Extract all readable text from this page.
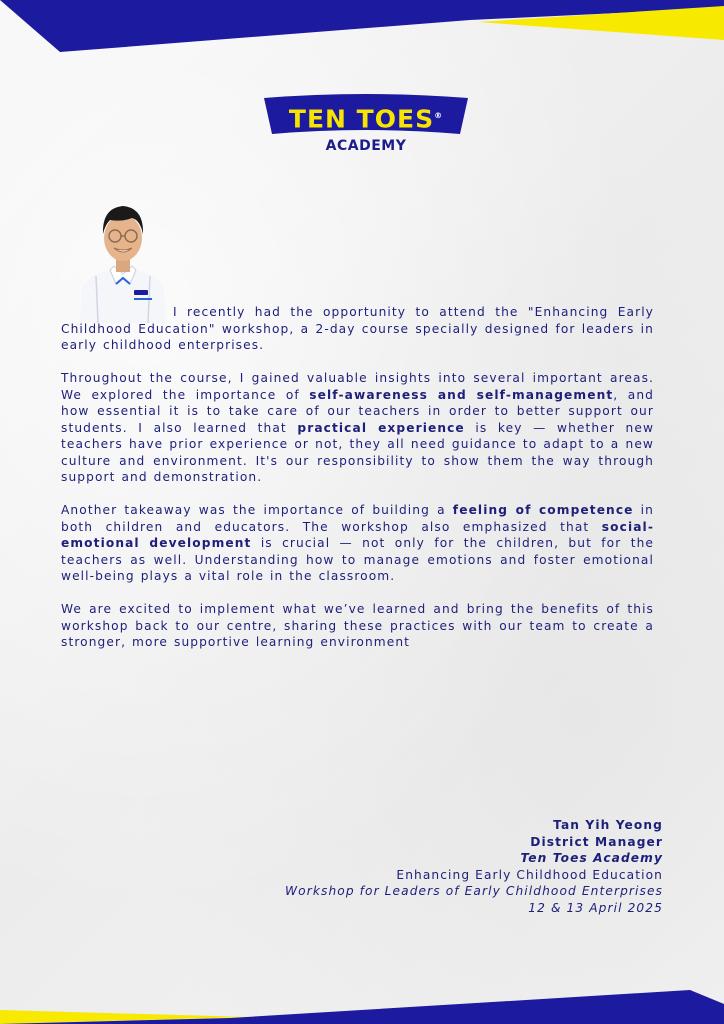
TEN TOES®
ACADEMY

I recently had the opportunity to attend the "Enhancing Early Childhood Education" workshop, a 2-day course specially designed for leaders in early childhood enterprises.

Throughout the course, I gained valuable insights into several important areas. We explored the importance of self-awareness and self-management, and how essential it is to take care of our teachers in order to better support our students. I also learned that practical experience is key — whether new teachers have prior experience or not, they all need guidance to adapt to a new culture and environment. It's our responsibility to show them the way through support and demonstration.

Another takeaway was the importance of building a feeling of competence in both children and educators. The workshop also emphasized that social-emotional development is crucial — not only for the children, but for the teachers as well. Understanding how to manage emotions and foster emotional well-being plays a vital role in the classroom.

We are excited to implement what we’ve learned and bring the benefits of this workshop back to our centre, sharing these practices with our team to create a stronger, more supportive learning environment

Tan Yih Yeong
District Manager
Ten Toes Academy
Enhancing Early Childhood Education
Workshop for Leaders of Early Childhood Enterprises
12 & 13 April 2025
